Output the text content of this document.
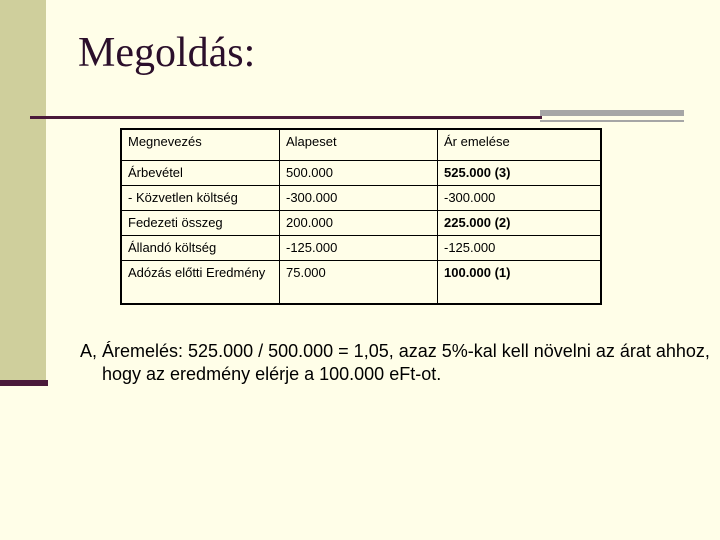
Megoldás:
Megnevezés	Alapeset	Ár emelése
Árbevétel	500.000	525.000 (3)
- Közvetlen költség	-300.000	-300.000
Fedezeti összeg	200.000	225.000 (2)
Állandó költség	-125.000	-125.000
Adózás előtti Eredmény	75.000	100.000 (1)

A, Áremelés: 525.000 / 500.000 = 1,05, azaz 5%-kal kell növelni az árat ahhoz, hogy az eredmény elérje a 100.000 eFt-ot.
